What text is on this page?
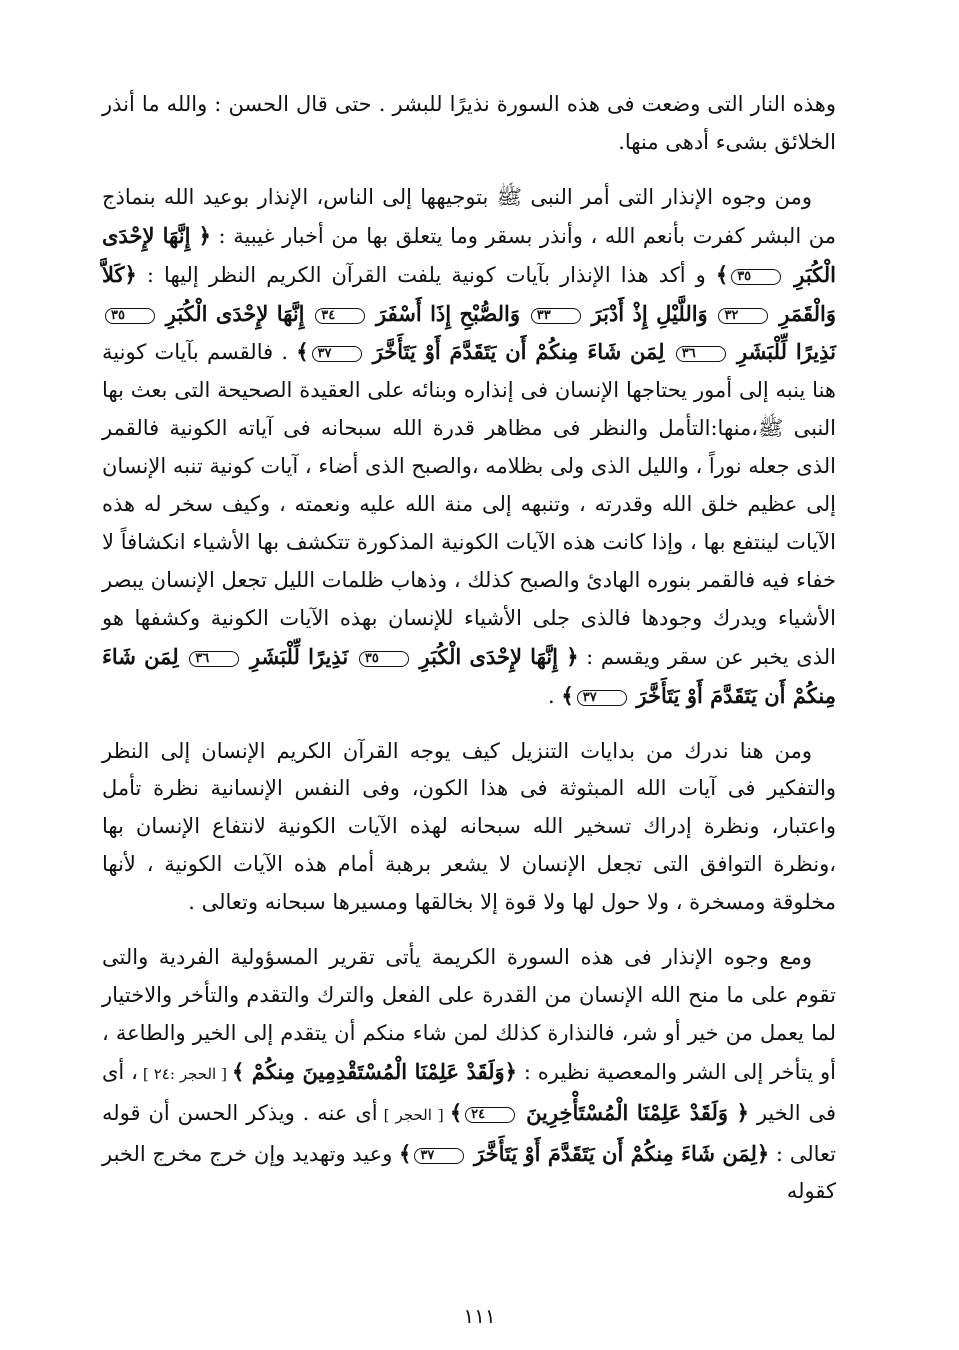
وهذه النار التى وضعت فى هذه السورة نذيرًا للبشر . حتى قال الحسن : والله ما أنذر الخلائق بشىء أدهى منها.

ومن وجوه الإنذار التى أمر النبى ﷺ بتوجيهها إلى الناس، الإنذار بوعيد الله بنماذج من البشر كفرت بأنعم الله ، وأنذر بسقر وما يتعلق بها من أخبار غيبية : ﴿ إِنَّهَا لإِحْدَى الْكُبَرِ ٣٥﴾ و أكد هذا الإنذار بآيات كونية يلفت القرآن الكريم النظر إليها : ﴿كَلاَّ وَالْقَمَرِ ٣٢ وَاللَّيْلِ إِذْ أَدْبَرَ ٣٣ وَالصُّبْحِ إِذَا أَسْفَرَ ٣٤ إِنَّهَا لإِحْدَى الْكُبَرِ ٣٥ نَذِيرًا لِّلْبَشَرِ ٣٦ لِمَن شَاءَ مِنكُمْ أَن يَتَقَدَّمَ أَوْ يَتَأَخَّرَ ٣٧﴾ . فالقسم بآيات كونية هنا ينبه إلى أمور يحتاجها الإنسان فى إنذاره وبنائه على العقيدة الصحيحة التى بعث بها النبى ﷺ،منها:التأمل والنظر فى مظاهر قدرة الله سبحانه فى آياته الكونية فالقمر الذى جعله نوراً ، والليل الذى ولى بظلامه ،والصبح الذى أضاء ، آيات كونية تنبه الإنسان إلى عظيم خلق الله وقدرته ، وتنبهه إلى منة الله عليه ونعمته ، وكيف سخر له هذه الآيات لينتفع بها ، وإذا كانت هذه الآيات الكونية المذكورة تتكشف بها الأشياء انكشافاً لا خفاء فيه فالقمر بنوره الهادئ والصبح كذلك ، وذهاب ظلمات الليل تجعل الإنسان يبصر الأشياء ويدرك وجودها فالذى جلى الأشياء للإنسان بهذه الآيات الكونية وكشفها هو الذى يخبر عن سقر ويقسم : ﴿ إِنَّهَا لإِحْدَى الْكُبَرِ ٣٥ نَذِيرًا لِّلْبَشَرِ ٣٦ لِمَن شَاءَ مِنكُمْ أَن يَتَقَدَّمَ أَوْ يَتَأَخَّرَ ٣٧﴾ .

ومن هنا ندرك من بدايات التنزيل كيف يوجه القرآن الكريم الإنسان إلى النظر والتفكير فى آيات الله المبثوثة فى هذا الكون، وفى النفس الإنسانية نظرة تأمل واعتبار، ونظرة إدراك تسخير الله سبحانه لهذه الآيات الكونية لانتفاع الإنسان بها ،ونظرة التوافق التى تجعل الإنسان لا يشعر برهبة أمام هذه الآيات الكونية ، لأنها مخلوقة ومسخرة ، ولا حول لها ولا قوة إلا بخالقها ومسيرها سبحانه وتعالى .

ومع وجوه الإنذار فى هذه السورة الكريمة يأتى تقرير المسؤولية الفردية والتى تقوم على ما منح الله الإنسان من القدرة على الفعل والترك والتقدم والتأخر والاختيار لما يعمل من خير أو شر، فالنذارة كذلك لمن شاء منكم أن يتقدم إلى الخير والطاعة ، أو يتأخر إلى الشر والمعصية نظيره : ﴿وَلَقَدْ عَلِمْنَا الْمُسْتَقْدِمِينَ مِنكُمْ ﴾ [ الحجر :٢٤ ] ، أى فى الخير ﴿ وَلَقَدْ عَلِمْنَا الْمُسْتَأْخِرِينَ ٢٤﴾ [ الحجر ] أى عنه . ويذكر الحسن أن قوله تعالى : ﴿لِمَن شَاءَ مِنكُمْ أَن يَتَقَدَّمَ أَوْ يَتَأَخَّرَ ٣٧﴾ وعيد وتهديد وإن خرج مخرج الخبر كقوله

١١١
